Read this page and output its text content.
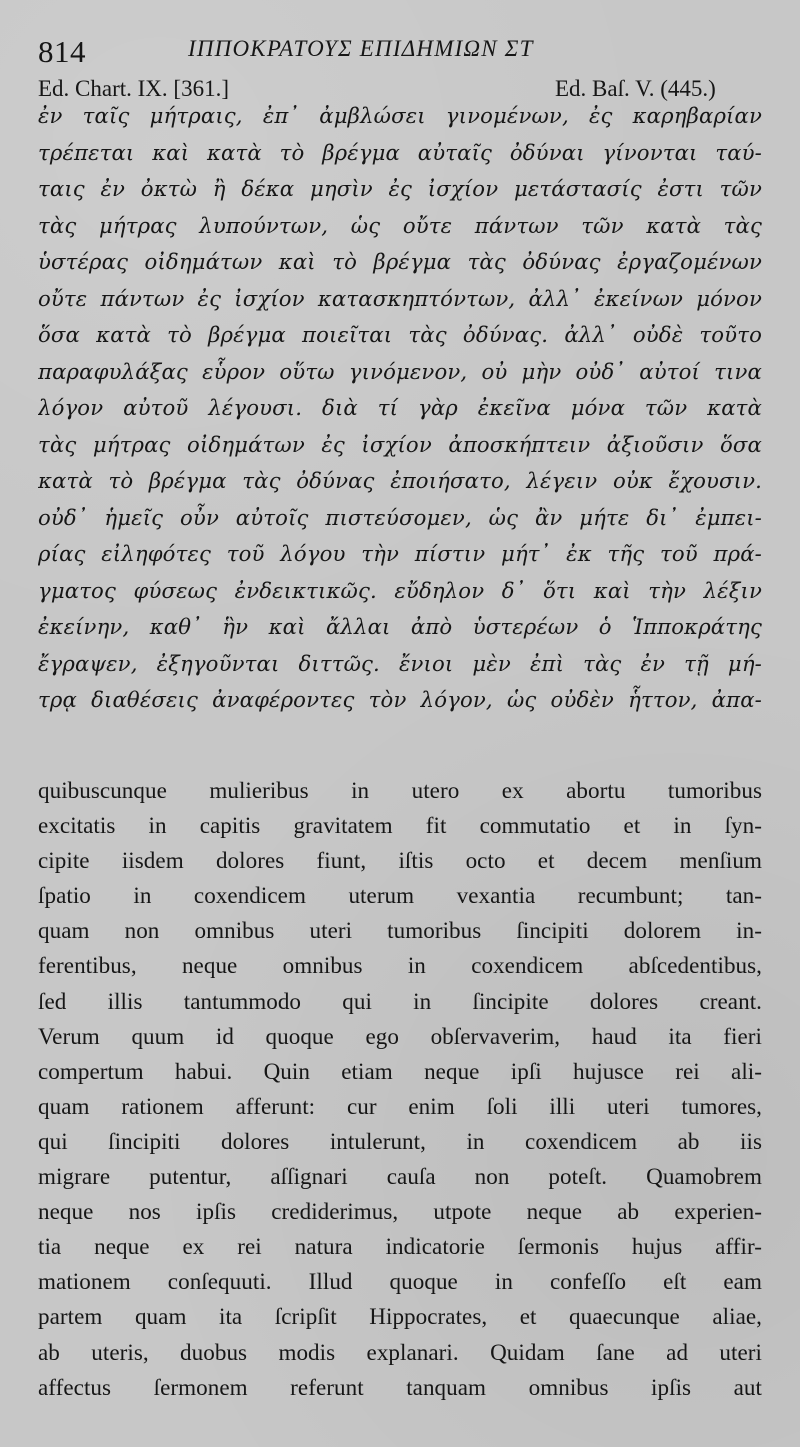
814	ΙΠΠΟΚΡΑΤΟΥΣ ΕΠΙΔΗΜΙΩΝ ΣΤ
Ed. Chart. IX. [361.]	Ed. Baſ. V. (445.)
ἐν ταῖς μήτραις, ἐπ᾽ ἀμβλώσει γινομένων, ἐς καρηβαρίαν
τρέπεται καὶ κατὰ τὸ βρέγμα αὐταῖς ὀδύναι γίνονται ταύ-
ταις ἐν ὀκτὼ ἢ δέκα μησὶν ἐς ἰσχίον μετάστασίς ἐστι τῶν
τὰς μήτρας λυπούντων, ὡς οὔτε πάντων τῶν κατὰ τὰς
ὑστέρας οἰδημάτων καὶ τὸ βρέγμα τὰς ὀδύνας ἐργαζομένων
οὔτε πάντων ἐς ἰσχίον κατασκηπτόντων, ἀλλ᾽ ἐκείνων μόνον
ὅσα κατὰ τὸ βρέγμα ποιεῖται τὰς ὀδύνας. ἀλλ᾽ οὐδὲ τοῦτο
παραφυλάξας εὗρον οὕτω γινόμενον, οὐ μὴν οὐδ᾽ αὐτοί τινα
λόγον αὐτοῦ λέγουσι. διὰ τί γὰρ ἐκεῖνα μόνα τῶν κατὰ
τὰς μήτρας οἰδημάτων ἐς ἰσχίον ἀποσκήπτειν ἀξιοῦσιν ὅσα
κατὰ τὸ βρέγμα τὰς ὀδύνας ἐποιήσατο, λέγειν οὐκ ἔχουσιν.
οὐδ᾽ ἡμεῖς οὖν αὐτοῖς πιστεύσομεν, ὡς ἂν μήτε δι᾽ ἐμπει-
ρίας εἰληφότες τοῦ λόγου τὴν πίστιν μήτ᾽ ἐκ τῆς τοῦ πρά-
γματος φύσεως ἐνδεικτικῶς. εὔδηλον δ᾽ ὅτι καὶ τὴν λέξιν
ἐκείνην, καθ᾽ ἣν καὶ ἄλλαι ἀπὸ ὑστερέων ὁ Ἱπποκράτης
ἔγραψεν, ἐξηγοῦνται διττῶς. ἔνιοι μὲν ἐπὶ τὰς ἐν τῇ μή-
τρᾳ διαθέσεις ἀναφέροντες τὸν λόγον, ὡς οὐδὲν ἧττον, ἀπα-
quibuscunque mulieribus in utero ex abortu tumoribus
excitatis in capitis gravitatem fit commutatio et in ſyn-
cipite iisdem dolores fiunt, iſtis octo et decem menſium
ſpatio in coxendicem uterum vexantia recumbunt; tan-
quam non omnibus uteri tumoribus ſincipiti dolorem in-
ferentibus, neque omnibus in coxendicem abſcedentibus,
ſed illis tantummodo qui in ſincipite dolores creant.
Verum quum id quoque ego obſervaverim, haud ita fieri
compertum habui. Quin etiam neque ipſi hujusce rei ali-
quam rationem afferunt: cur enim ſoli illi uteri tumores,
qui ſincipiti dolores intulerunt, in coxendicem ab iis
migrare putentur, aſſignari cauſa non poteſt. Quamobrem
neque nos ipſis crediderimus, utpote neque ab experien-
tia neque ex rei natura indicatorie ſermonis hujus affir-
mationem conſequuti. Illud quoque in confeſſo eſt eam
partem quam ita ſcripſit Hippocrates, et quaecunque aliae,
ab uteris, duobus modis explanari. Quidam ſane ad uteri
affectus ſermonem referunt tanquam omnibus ipſis aut
